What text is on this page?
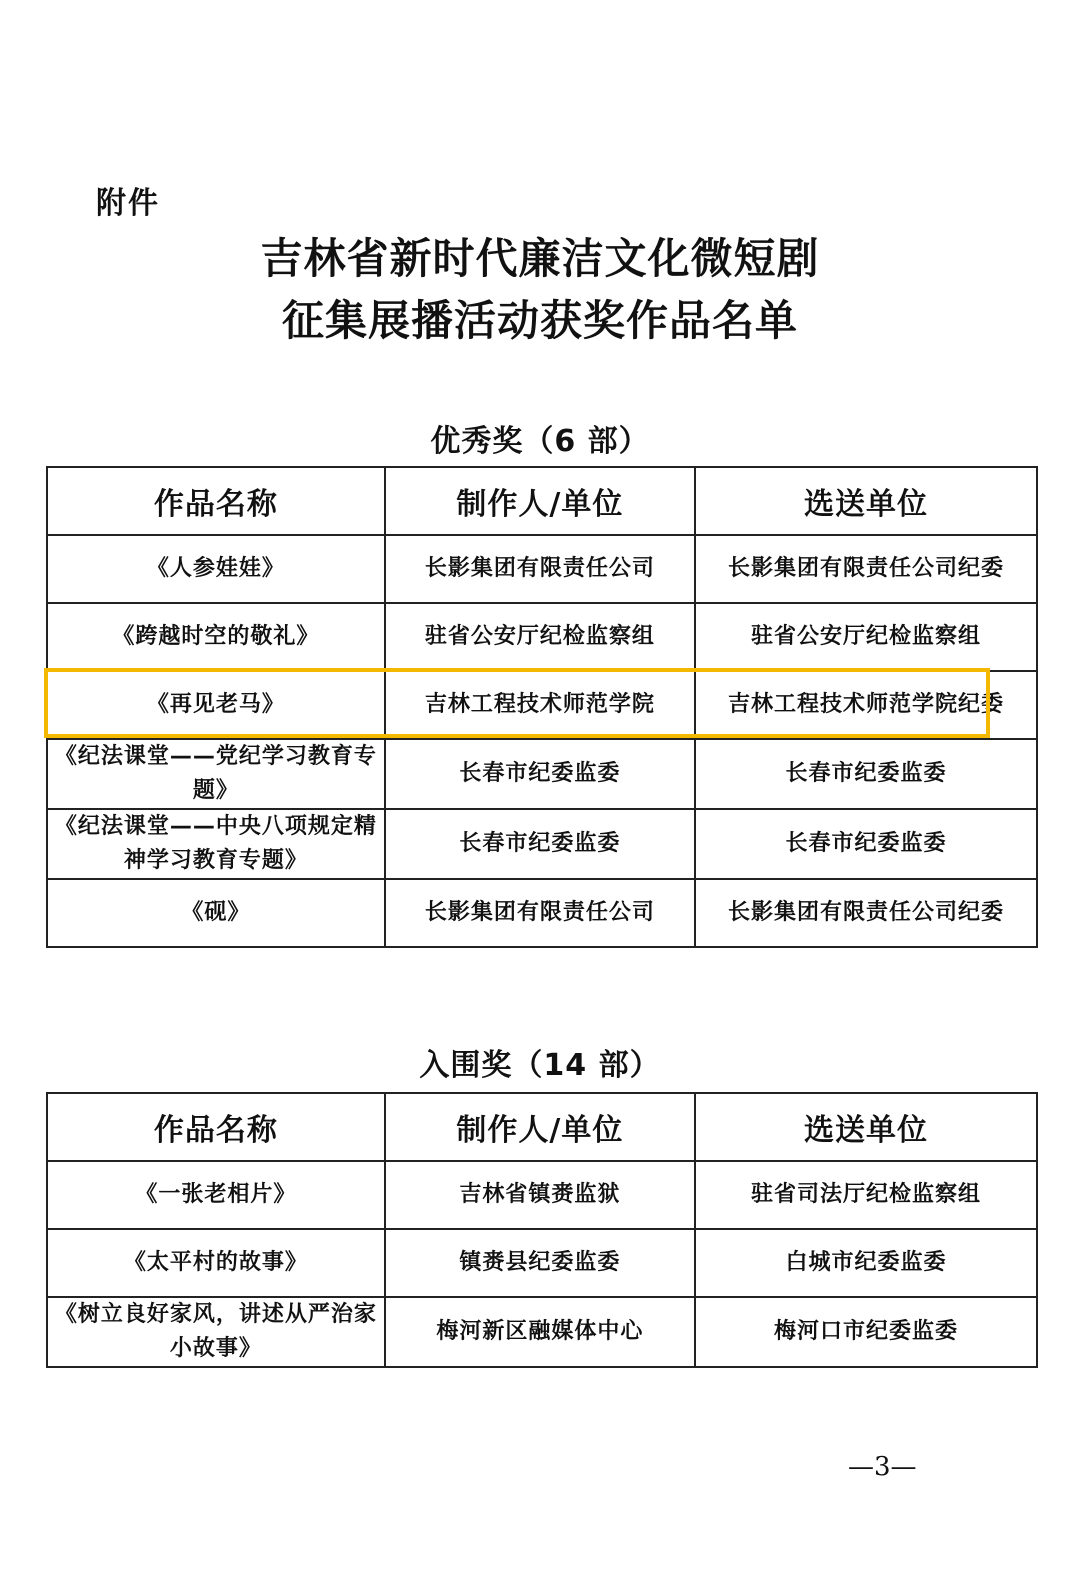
附件
吉林省新时代廉洁文化微短剧
征集展播活动获奖作品名单
优秀奖（6 部）
作品名称	制作人/单位	选送单位
《人参娃娃》	长影集团有限责任公司	长影集团有限责任公司纪委
《跨越时空的敬礼》	驻省公安厅纪检监察组	驻省公安厅纪检监察组
《再见老马》	吉林工程技术师范学院	吉林工程技术师范学院纪委
《纪法课堂——党纪学习教育专题》	长春市纪委监委	长春市纪委监委
《纪法课堂——中央八项规定精神学习教育专题》	长春市纪委监委	长春市纪委监委
《砚》	长影集团有限责任公司	长影集团有限责任公司纪委
入围奖（14 部）
作品名称	制作人/单位	选送单位
《一张老相片》	吉林省镇赉监狱	驻省司法厅纪检监察组
《太平村的故事》	镇赉县纪委监委	白城市纪委监委
《树立良好家风，讲述从严治家小故事》	梅河新区融媒体中心	梅河口市纪委监委
—3—
